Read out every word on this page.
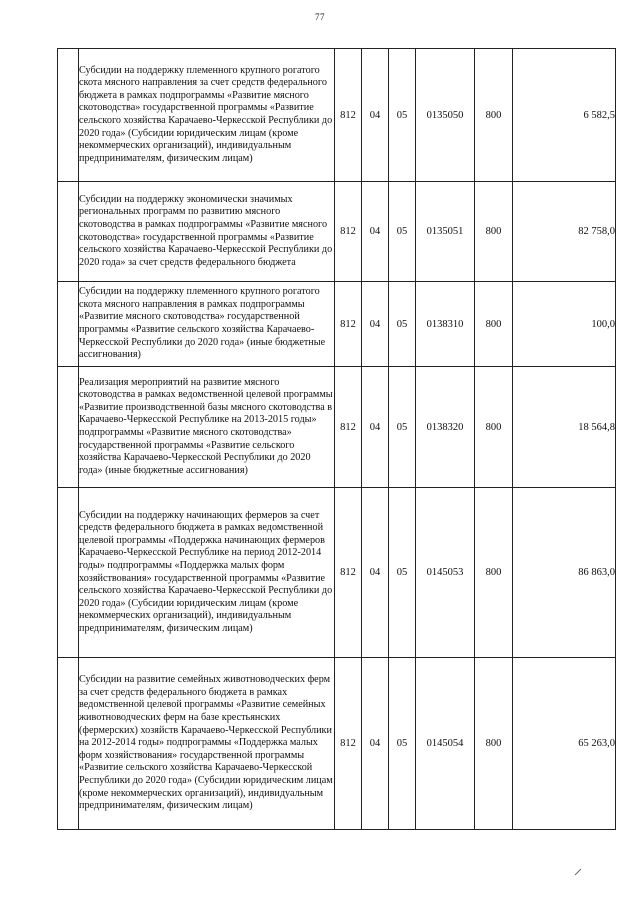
77
	Субсидии на поддержку племенного крупного рогатого скота мясного направления за счет средств федерального бюджета в рамках подпрограммы «Развитие мясного скотоводства» государственной программы «Развитие сельского хозяйства Карачаево-Черкесской Республики до 2020 года» (Субсидии юридическим лицам (кроме некоммерческих организаций), индивидуальным предпринимателям, физическим лицам)	812	04	05	0135050	800	6 582,5
	Субсидии на поддержку экономически значимых региональных программ по развитию мясного скотоводства в рамках подпрограммы «Развитие мясного скотоводства» государственной программы «Развитие сельского хозяйства Карачаево-Черкесской Республики до 2020 года» за счет средств федерального бюджета	812	04	05	0135051	800	82 758,0
	Субсидии на поддержку племенного крупного рогатого скота мясного направления в рамках подпрограммы «Развитие мясного скотоводства» государственной программы «Развитие сельского хозяйства Карачаево-Черкесской Республики до 2020 года» (иные бюджетные ассигнования)	812	04	05	0138310	800	100,0
	Реализация мероприятий на развитие мясного скотоводства в рамках ведомственной целевой программы «Развитие производственной базы мясного скотоводства в Карачаево-Черкесской Республике на 2013-2015 годы» подпрограммы «Развитие мясного скотоводства» государственной программы «Развитие сельского хозяйства Карачаево-Черкесской Республики до 2020 года» (иные бюджетные ассигнования)	812	04	05	0138320	800	18 564,8
	Субсидии на поддержку начинающих фермеров за счет средств федерального бюджета в рамках ведомственной целевой программы «Поддержка начинающих фермеров Карачаево-Черкесской Республике на период 2012-2014 годы» подпрограммы «Поддержка малых форм хозяйствования» государственной программы «Развитие сельского хозяйства Карачаево-Черкесской Республики до 2020 года» (Субсидии юридическим лицам (кроме некоммерческих организаций), индивидуальным предпринимателям, физическим лицам)	812	04	05	0145053	800	86 863,0
	Субсидии на развитие семейных животноводческих ферм за счет средств федерального бюджета в рамках ведомственной целевой программы «Развитие семейных животноводческих ферм на базе крестьянских (фермерских) хозяйств Карачаево-Черкесской Республики на 2012-2014 годы» подпрограммы «Поддержка малых форм хозяйствования» государственной программы «Развитие сельского хозяйства Карачаево-Черкесской Республики до 2020 года» (Субсидии юридическим лицам (кроме некоммерческих организаций), индивидуальным предпринимателям, физическим лицам)	812	04	05	0145054	800	65 263,0
